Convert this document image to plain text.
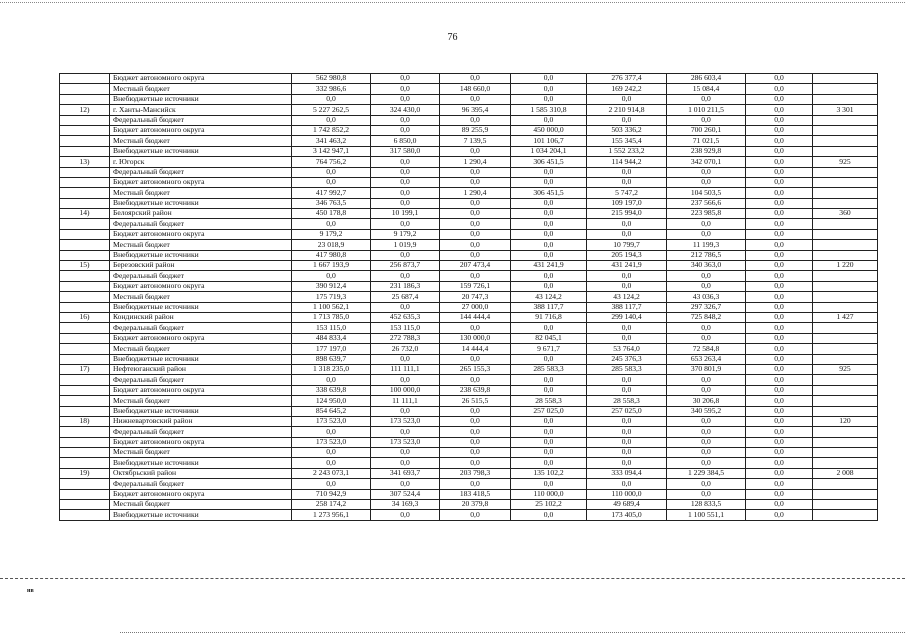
76
	Бюджет автономного округа	562 980,8	0,0	0,0	0,0	276 377,4	286 603,4	0,0	
	Местный бюджет	332 986,6	0,0	148 660,0	0,0	169 242,2	15 084,4	0,0	
	Внебюджетные источники	0,0	0,0	0,0	0,0	0,0	0,0	0,0	
12)	г. Ханты-Мансийск	5 227 262,5	324 430,0	96 395,4	1 585 310,8	2 210 914,8	1 010 211,5	0,0	3 301
	Федеральный бюджет	0,0	0,0	0,0	0,0	0,0	0,0	0,0	
	Бюджет автономного округа	1 742 852,2	0,0	89 255,9	450 000,0	503 336,2	700 260,1	0,0	
	Местный бюджет	341 463,2	6 850,0	7 139,5	101 106,7	155 345,4	71 021,5	0,0	
	Внебюджетные источники	3 142 947,1	317 580,0	0,0	1 034 204,1	1 552 233,2	238 929,8	0,0	
13)	г. Югорск	764 756,2	0,0	1 290,4	306 451,5	114 944,2	342 070,1	0,0	925
	Федеральный бюджет	0,0	0,0	0,0	0,0	0,0	0,0	0,0	
	Бюджет автономного округа	0,0	0,0	0,0	0,0	0,0	0,0	0,0	
	Местный бюджет	417 992,7	0,0	1 290,4	306 451,5	5 747,2	104 503,5	0,0	
	Внебюджетные источники	346 763,5	0,0	0,0	0,0	109 197,0	237 566,6	0,0	
14)	Белоярский район	450 178,8	10 199,1	0,0	0,0	215 994,0	223 985,8	0,0	360
	Федеральный бюджет	0,0	0,0	0,0	0,0	0,0	0,0	0,0	
	Бюджет автономного округа	9 179,2	9 179,2	0,0	0,0	0,0	0,0	0,0	
	Местный бюджет	23 018,9	1 019,9	0,0	0,0	10 799,7	11 199,3	0,0	
	Внебюджетные источники	417 980,8	0,0	0,0	0,0	205 194,3	212 786,5	0,0	
15)	Березовский район	1 667 193,9	256 873,7	207 473,4	431 241,9	431 241,9	340 363,0	0,0	1 220
	Федеральный бюджет	0,0	0,0	0,0	0,0	0,0	0,0	0,0	
	Бюджет автономного округа	390 912,4	231 186,3	159 726,1	0,0	0,0	0,0	0,0	
	Местный бюджет	175 719,3	25 687,4	20 747,3	43 124,2	43 124,2	43 036,3	0,0	
	Внебюджетные источники	1 100 562,1	0,0	27 000,0	388 117,7	388 117,7	297 326,7	0,0	
16)	Кондинский район	1 713 785,0	452 635,3	144 444,4	91 716,8	299 140,4	725 848,2	0,0	1 427
	Федеральный бюджет	153 115,0	153 115,0	0,0	0,0	0,0	0,0	0,0	
	Бюджет автономного округа	484 833,4	272 788,3	130 000,0	82 045,1	0,0	0,0	0,0	
	Местный бюджет	177 197,0	26 732,0	14 444,4	9 671,7	53 764,0	72 584,8	0,0	
	Внебюджетные источники	898 639,7	0,0	0,0	0,0	245 376,3	653 263,4	0,0	
17)	Нефтеюганский район	1 318 235,0	111 111,1	265 155,3	285 583,3	285 583,3	370 801,9	0,0	925
	Федеральный бюджет	0,0	0,0	0,0	0,0	0,0	0,0	0,0	
	Бюджет автономного округа	338 639,8	100 000,0	238 639,8	0,0	0,0	0,0	0,0	
	Местный бюджет	124 950,0	11 111,1	26 515,5	28 558,3	28 558,3	30 206,8	0,0	
	Внебюджетные источники	854 645,2	0,0	0,0	257 025,0	257 025,0	340 595,2	0,0	
18)	Нижневартовский район	173 523,0	173 523,0	0,0	0,0	0,0	0,0	0,0	120
	Федеральный бюджет	0,0	0,0	0,0	0,0	0,0	0,0	0,0	
	Бюджет автономного округа	173 523,0	173 523,0	0,0	0,0	0,0	0,0	0,0	
	Местный бюджет	0,0	0,0	0,0	0,0	0,0	0,0	0,0	
	Внебюджетные источники	0,0	0,0	0,0	0,0	0,0	0,0	0,0	
19)	Октябрьский район	2 243 073,1	341 693,7	203 798,3	135 102,2	333 094,4	1 229 384,5	0,0	2 008
	Федеральный бюджет	0,0	0,0	0,0	0,0	0,0	0,0	0,0	
	Бюджет автономного округа	710 942,9	307 524,4	183 418,5	110 000,0	110 000,0	0,0	0,0	
	Местный бюджет	258 174,2	34 169,3	20 379,8	25 102,2	49 689,4	128 833,5	0,0	
	Внебюджетные источники	1 273 956,1	0,0	0,0	0,0	173 405,0	1 100 551,1	0,0	
нв
